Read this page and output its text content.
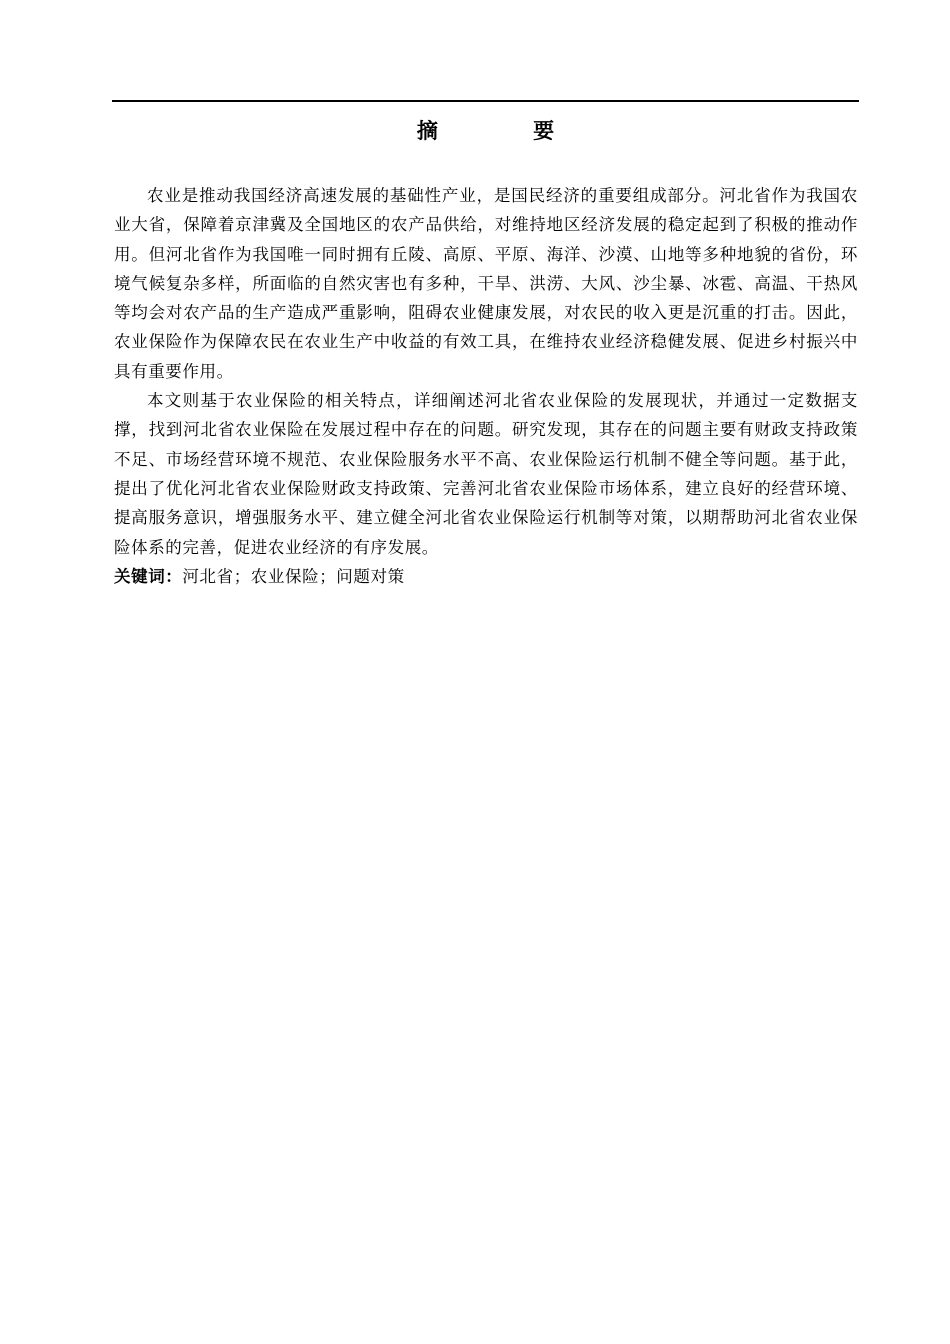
摘 要

农业是推动我国经济高速发展的基础性产业，是国民经济的重要组成部分。河北省作为我国农业大省，保障着京津冀及全国地区的农产品供给，对维持地区经济发展的稳定起到了积极的推动作用。但河北省作为我国唯一同时拥有丘陵、高原、平原、海洋、沙漠、山地等多种地貌的省份，环境气候复杂多样，所面临的自然灾害也有多种，干旱、洪涝、大风、沙尘暴、冰雹、高温、干热风等均会对农产品的生产造成严重影响，阻碍农业健康发展，对农民的收入更是沉重的打击。因此，农业保险作为保障农民在农业生产中收益的有效工具，在维持农业经济稳健发展、促进乡村振兴中具有重要作用。

本文则基于农业保险的相关特点，详细阐述河北省农业保险的发展现状，并通过一定数据支撑，找到河北省农业保险在发展过程中存在的问题。研究发现，其存在的问题主要有财政支持政策不足、市场经营环境不规范、农业保险服务水平不高、农业保险运行机制不健全等问题。基于此，提出了优化河北省农业保险财政支持政策、完善河北省农业保险市场体系，建立良好的经营环境、提高服务意识，增强服务水平、建立健全河北省农业保险运行机制等对策，以期帮助河北省农业保险体系的完善，促进农业经济的有序发展。

关键词：河北省；农业保险；问题对策
